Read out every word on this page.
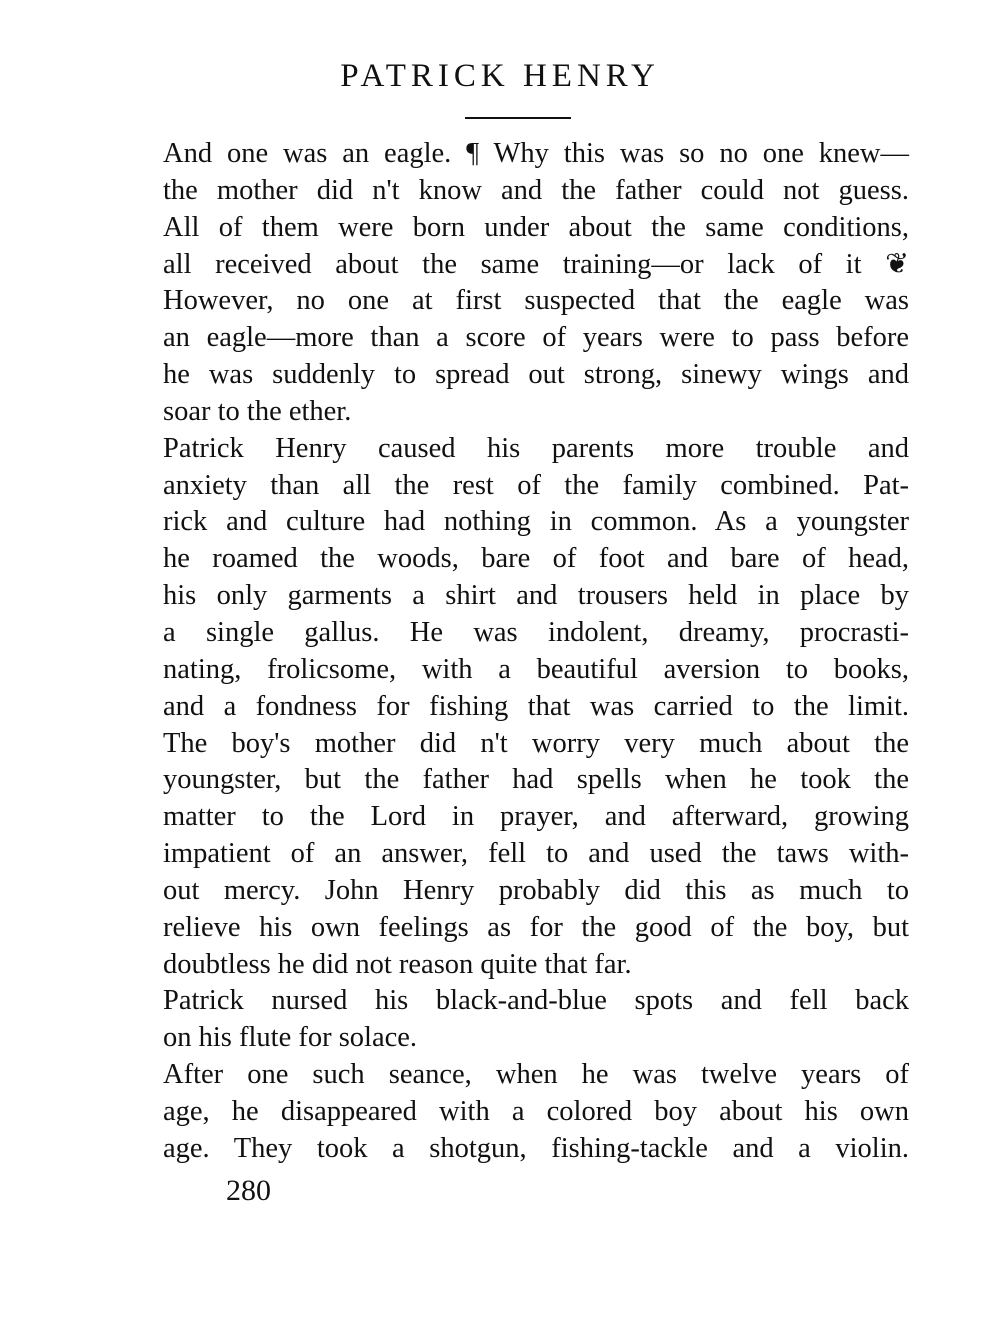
PATRICK HENRY
And one was an eagle. ¶ Why this was so no one knew—
the mother did n't know and the father could not guess.
All of them were born under about the same conditions,
all received about the same training—or lack of it ❦
However, no one at first suspected that the eagle was
an eagle—more than a score of years were to pass before
he was suddenly to spread out strong, sinewy wings and
soar to the ether.
Patrick Henry caused his parents more trouble and
anxiety than all the rest of the family combined. Pat-
rick and culture had nothing in common. As a youngster
he roamed the woods, bare of foot and bare of head,
his only garments a shirt and trousers held in place by
a single gallus. He was indolent, dreamy, procrasti-
nating, frolicsome, with a beautiful aversion to books,
and a fondness for fishing that was carried to the limit.
The boy's mother did n't worry very much about the
youngster, but the father had spells when he took the
matter to the Lord in prayer, and afterward, growing
impatient of an answer, fell to and used the taws with-
out mercy. John Henry probably did this as much to
relieve his own feelings as for the good of the boy, but
doubtless he did not reason quite that far.
Patrick nursed his black-and-blue spots and fell back
on his flute for solace.
After one such seance, when he was twelve years of
age, he disappeared with a colored boy about his own
age. They took a shotgun, fishing-tackle and a violin.
280
